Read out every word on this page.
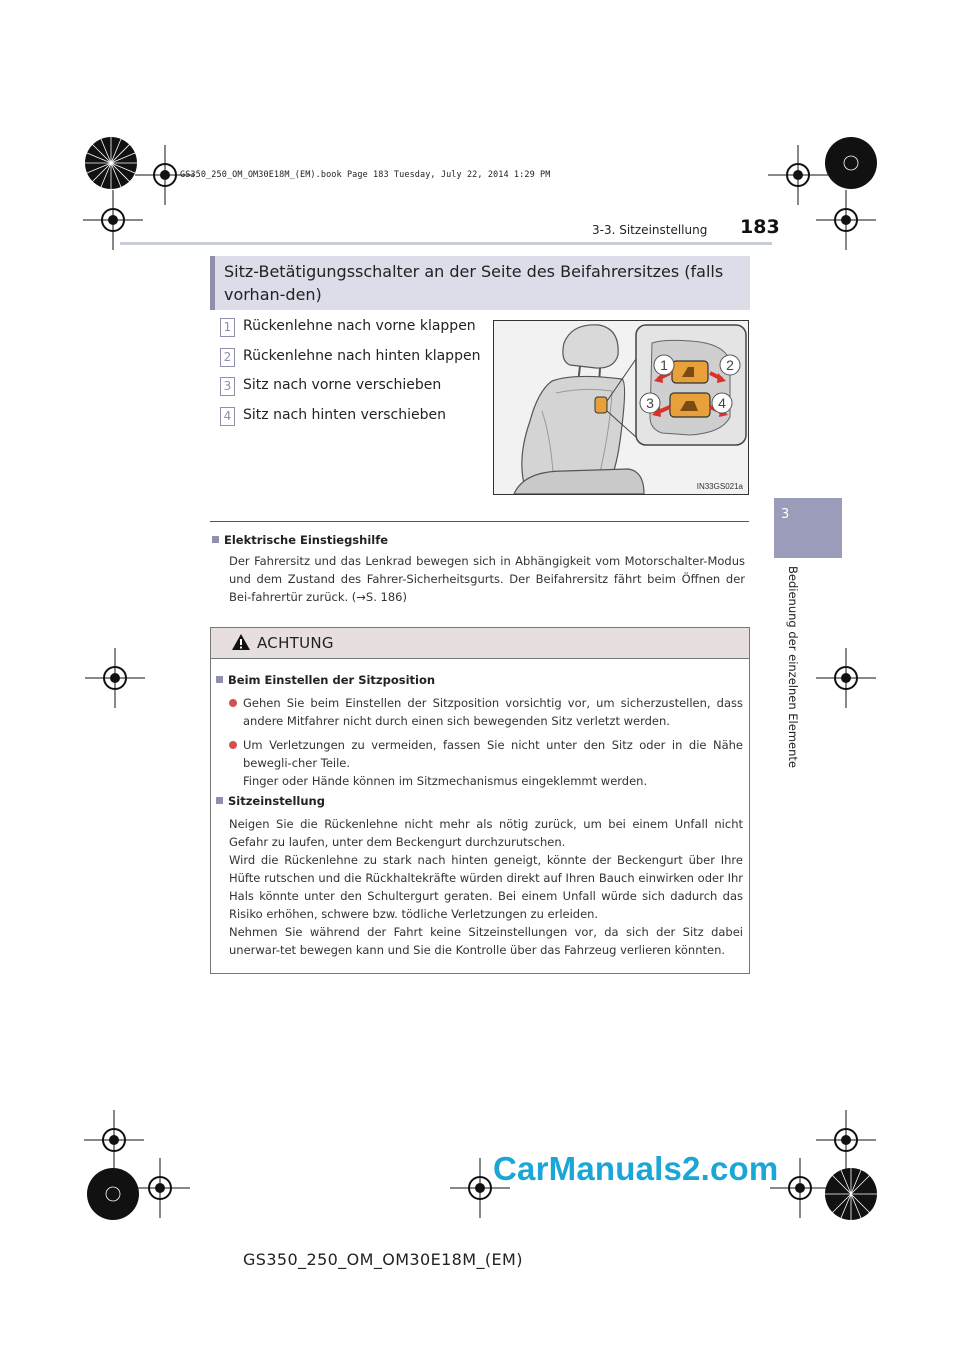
GS350_250_OM_OM30E18M_(EM).book Page 183 Tuesday, July 22, 2014 1:29 PM
3-3. Sitzeinstellung 183
3
Bedienung der einzelnen Elemente
Sitz-Betätigungsschalter an der Seite des Beifahrersitzes (falls vorhan-den)
1 Rückenlehne nach vorne klappen
2 Rückenlehne nach hinten klappen
3 Sitz nach vorne verschieben
4 Sitz nach hinten verschieben
1	2
3	4
IN33GS021a
Elektrische Einstiegshilfe
Der Fahrersitz und das Lenkrad bewegen sich in Abhängigkeit vom Motorschalter-Modus und dem Zustand des Fahrer-Sicherheitsgurts. Der Beifahrersitz fährt beim Öffnen der Bei-fahrertür zurück. (→S. 186)
ACHTUNG
Beim Einstellen der Sitzposition
Gehen Sie beim Einstellen der Sitzposition vorsichtig vor, um sicherzustellen, dass andere Mitfahrer nicht durch einen sich bewegenden Sitz verletzt werden.
Um Verletzungen zu vermeiden, fassen Sie nicht unter den Sitz oder in die Nähe bewegli-cher Teile.
Finger oder Hände können im Sitzmechanismus eingeklemmt werden.
Sitzeinstellung
Neigen Sie die Rückenlehne nicht mehr als nötig zurück, um bei einem Unfall nicht Gefahr zu laufen, unter dem Beckengurt durchzurutschen.
Wird die Rückenlehne zu stark nach hinten geneigt, könnte der Beckengurt über Ihre Hüfte rutschen und die Rückhaltekräfte würden direkt auf Ihren Bauch einwirken oder Ihr Hals könnte unter den Schultergurt geraten. Bei einem Unfall würde sich dadurch das Risiko erhöhen, schwere bzw. tödliche Verletzungen zu erleiden.
Nehmen Sie während der Fahrt keine Sitzeinstellungen vor, da sich der Sitz dabei unerwar-tet bewegen kann und Sie die Kontrolle über das Fahrzeug verlieren könnten.
CarManuals2.com
GS350_250_OM_OM30E18M_(EM)
